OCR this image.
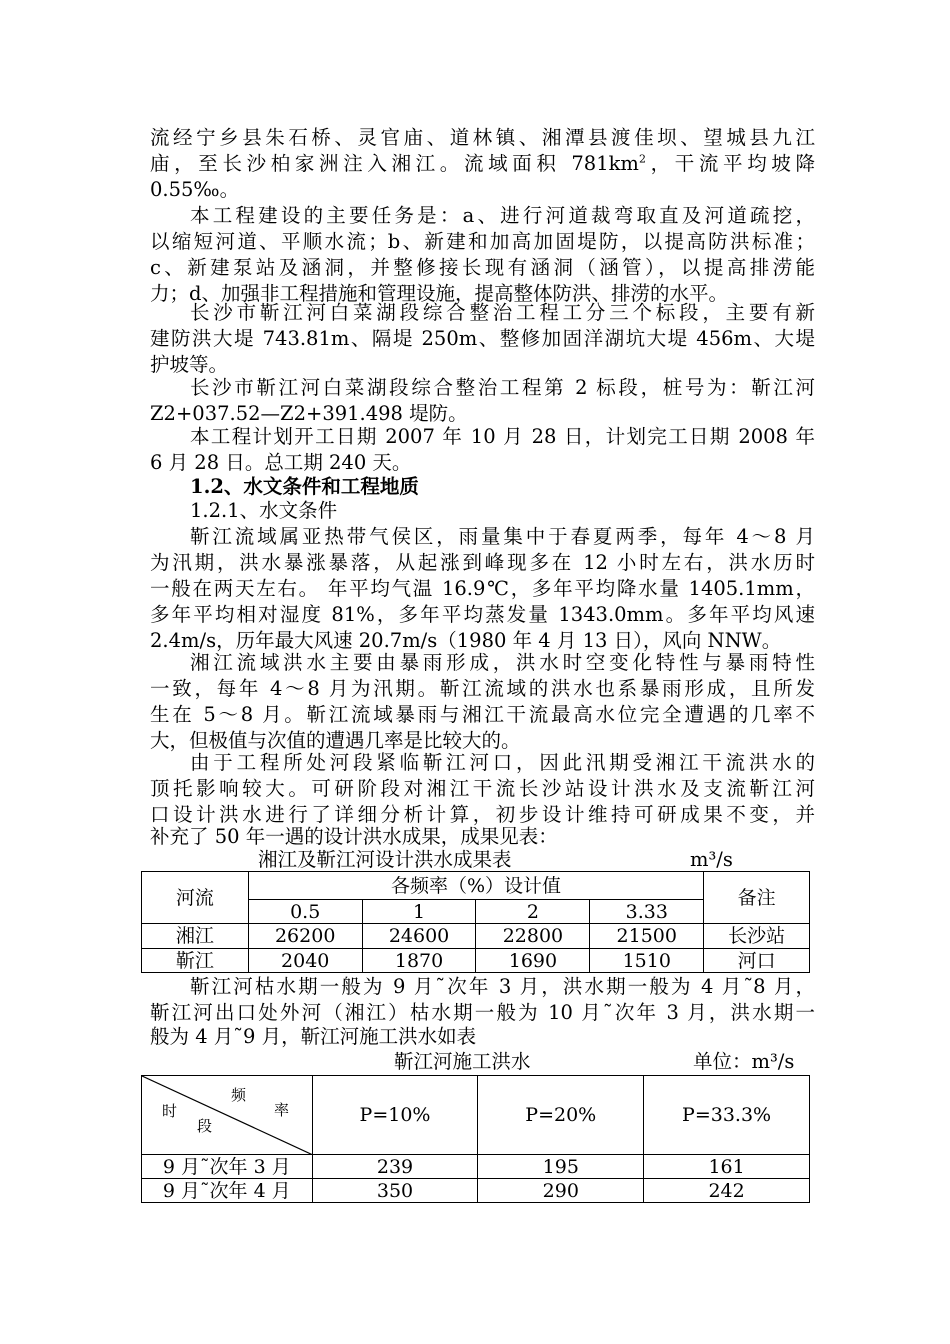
流经宁乡县朱石桥、灵官庙、道林镇、湘潭县渡佳坝、望城县九江
庙，至长沙柏家洲注入湘江。流域面积 $781km^2$，干流平均坡降
0.55‰。
本工程建设的主要任务是：a、进行河道裁弯取直及河道疏挖，
以缩短河道、平顺水流；b、新建和加高加固堤防，以提高防洪标准；
c、新建泵站及涵洞，并整修接长现有涵洞（涵管），以提高排涝能
力；d、加强非工程措施和管理设施，提高整体防洪、排涝的水平。
长沙市靳江河白菜湖段综合整治工程工分三个标段，主要有新
建防洪大堤 743.81m、隔堤 250m、整修加固洋湖坑大堤 456m、大堤
护坡等。
长沙市靳江河白菜湖段综合整治工程第 2 标段，桩号为：靳江河
Z2+037.52—Z2+391.498 堤防。
本工程计划开工日期 2007 年 10 月 28 日，计划完工日期 2008 年
6 月 28 日。总工期 240 天。
1.2、水文条件和工程地质
1.2.1、水文条件
靳江流域属亚热带气侯区，雨量集中于春夏两季，每年 4～8 月
为汛期，洪水暴涨暴落，从起涨到峰现多在 12 小时左右，洪水历时
一般在两天左右。 年平均气温 16.9℃，多年平均降水量 1405.1mm，
多年平均相对湿度 81%，多年平均蒸发量 1343.0mm。多年平均风速
2.4m/s，历年最大风速 20.7m/s（1980 年 4 月 13 日），风向 NNW。
湘江流域洪水主要由暴雨形成，洪水时空变化特性与暴雨特性
一致，每年 4～8 月为汛期。靳江流域的洪水也系暴雨形成，且所发
生在 5～8 月。靳江流域暴雨与湘江干流最高水位完全遭遇的几率不
大，但极值与次值的遭遇几率是比较大的。
由于工程所处河段紧临靳江河口，因此汛期受湘江干流洪水的
顶托影响较大。可研阶段对湘江干流长沙站设计洪水及支流靳江河
口设计洪水进行了详细分析计算，初步设计维持可研成果不变，并
补充了 50 年一遇的设计洪水成果，成果见表：
湘江及靳江河设计洪水成果表	m³/s
河流	各频率（%）设计值				备注
	0.5	1	2	3.33	
湘江	26200	24600	22800	21500	长沙站
靳江	2040	1870	1690	1510	河口
靳江河枯水期一般为 9 月˜次年 3 月，洪水期一般为 4 月˜8 月，
靳江河出口处外河（湘江）枯水期一般为 10 月˜次年 3 月，洪水期一
般为 4 月˜9 月，靳江河施工洪水如表
靳江河施工洪水	单位：m³/s
频
率
时
段	P=10%	P=20%	P=33.3%
9 月˜次年 3 月	239	195	161
9 月˜次年 4 月	350	290	242
